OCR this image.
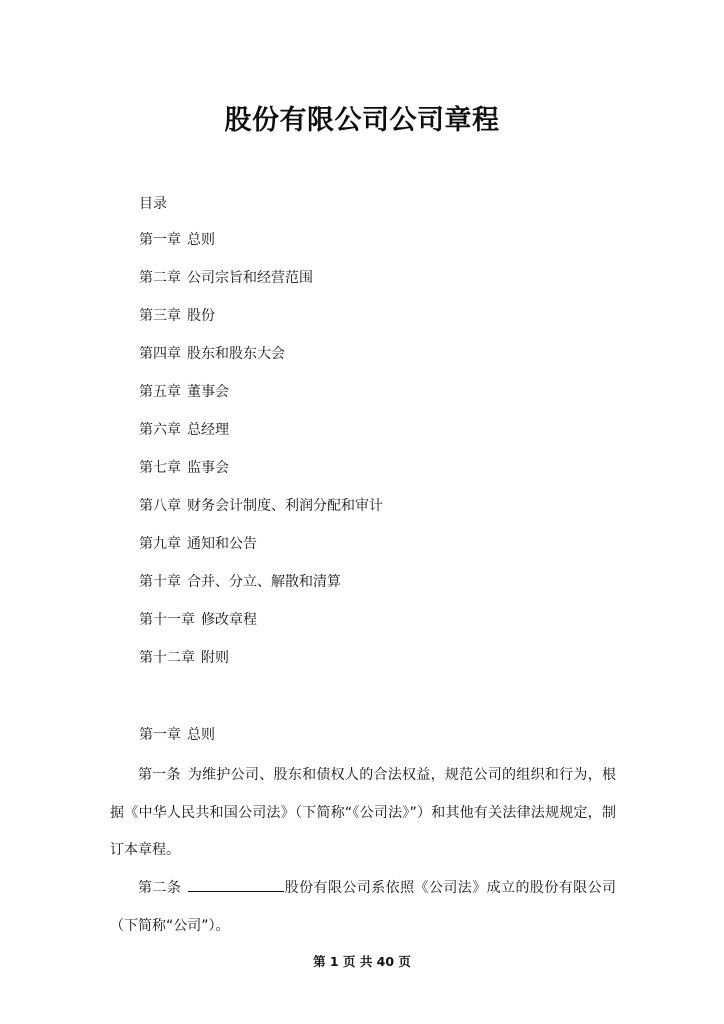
股份有限公司公司章程
目录
第一章 总则
第二章 公司宗旨和经营范围
第三章 股份
第四章 股东和股东大会
第五章 董事会
第六章 总经理
第七章 监事会
第八章 财务会计制度、利润分配和审计
第九章 通知和公告
第十章 合并、分立、解散和清算
第十一章 修改章程
第十二章 附则
第一章 总则

第一条 为维护公司、股东和债权人的合法权益，规范公司的组织和行为，根据《中华人民共和国公司法》（下简称“《公司法》”）和其他有关法律法规规定，制订本章程。

第二条	股份有限公司系依照《公司法》成立的股份有限公司（下简称“公司”）。

第 1 页 共 40 页
